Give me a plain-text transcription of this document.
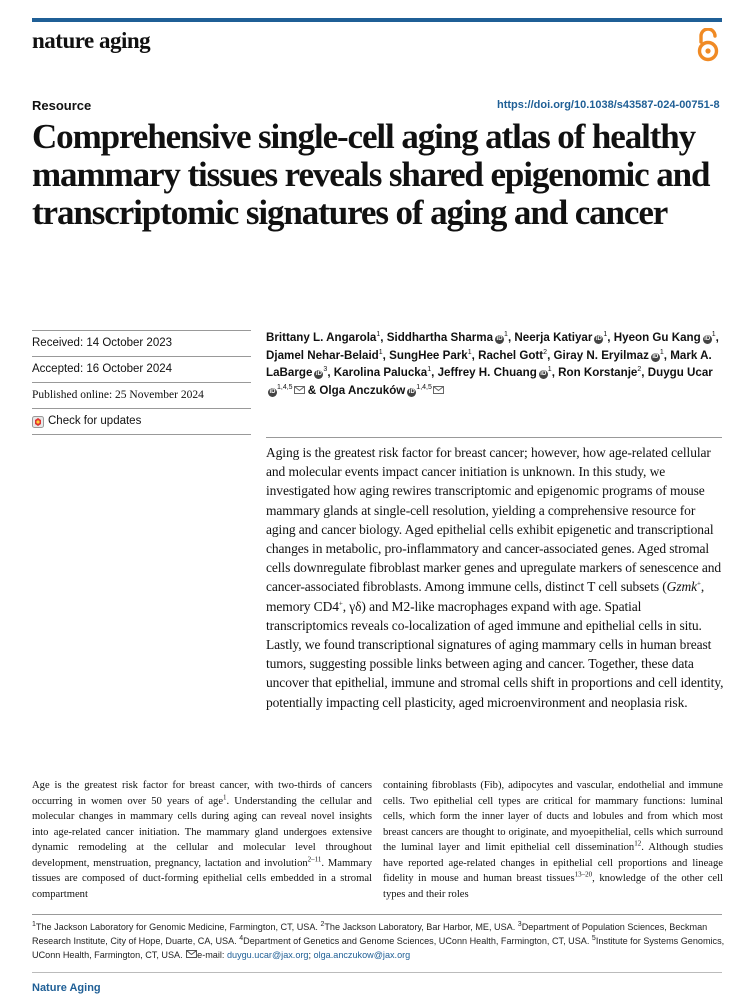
nature aging
Resource	https://doi.org/10.1038/s43587-024-00751-8
Comprehensive single-cell aging atlas of healthy mammary tissues reveals shared epigenomic and transcriptomic signatures of aging and cancer
Received: 14 October 2023
Accepted: 16 October 2024
Published online: 25 November 2024
Check for updates
Brittany L. Angarola$^1$, Siddhartha Sharma $iD^1$, Neerja Katiyar $iD^1$, Hyeon Gu Kang $iD^1$, Djamel Nehar-Belaid$^1$, SungHee Park$^1$, Rachel Gott$^2$, Giray N. Eryilmaz $iD^1$, Mark A. LaBarge $iD^3$, Karolina Palucka$^1$, Jeffrey H. Chuang $iD^1$, Ron Korstanje$^2$, Duygu UcariD$^{1,4,5}$ & Olga Anczuków iD$^{1,4,5}$

Aging is the greatest risk factor for breast cancer; however, how age-related cellular and molecular events impact cancer initiation is unknown. In this study, we investigated how aging rewires transcriptomic and epigenomic programs of mouse mammary glands at single-cell resolution, yielding a comprehensive resource for aging and cancer biology. Aged epithelial cells exhibit epigenetic and transcriptional changes in metabolic, pro-inflammatory and cancer-associated genes. Aged stromal cells downregulate fibroblast marker genes and upregulate markers of senescence and cancer-associated fibroblasts. Among immune cells, distinct T cell subsets (Gzmk+, memory CD4+, γδ) and M2-like macrophages expand with age. Spatial transcriptomics reveals co-localization of aged immune and epithelial cells in situ. Lastly, we found transcriptional signatures of aging mammary cells in human breast tumors, suggesting possible links between aging and cancer. Together, these data uncover that epithelial, immune and stromal cells shift in proportions and cell identity, potentially impacting cell plasticity, aged microenvironment and neoplasia risk.

Age is the greatest risk factor for breast cancer, with two-thirds of cancers occurring in women over 50 years of age$^1$. Understanding the cellular and molecular changes in mammary cells during aging can reveal novel insights into age-related cancer initiation. The mammary gland undergoes extensive dynamic remodeling at the cellular and molecular level throughout development, menstruation, pregnancy, lactation and involution$^{2-11}$. Mammary tissues are composed of duct-forming epithelial cells embedded in a stromal compartment

containing fibroblasts (Fib), adipocytes and vascular, endothelial and immune cells. Two epithelial cell types are critical for mammary functions: luminal cells, which form the inner layer of ducts and lobules and from which most breast cancers are thought to originate, and myoepithelial, cells which surround the luminal layer and limit epithelial cell dissemination$^{12}$. Although studies have reported age-related changes in epithelial cell proportions and lineage fidelity in mouse and human breast tissues$^{13-20}$, knowledge of the other cell types and their roles

$^1$The Jackson Laboratory for Genomic Medicine, Farmington, CT, USA. $^2$The Jackson Laboratory, Bar Harbor, ME, USA. $^3$Department of Population Sciences, Beckman Research Institute, City of Hope, Duarte, CA, USA. $^4$Department of Genetics and Genome Sciences, UConn Health, Farmington, CT, USA. $^5$Institute for Systems Genomics, UConn Health, Farmington, CT, USA. e-mail: duygu.ucar@jax.org; olga.anczukow@jax.org

Nature Aging
